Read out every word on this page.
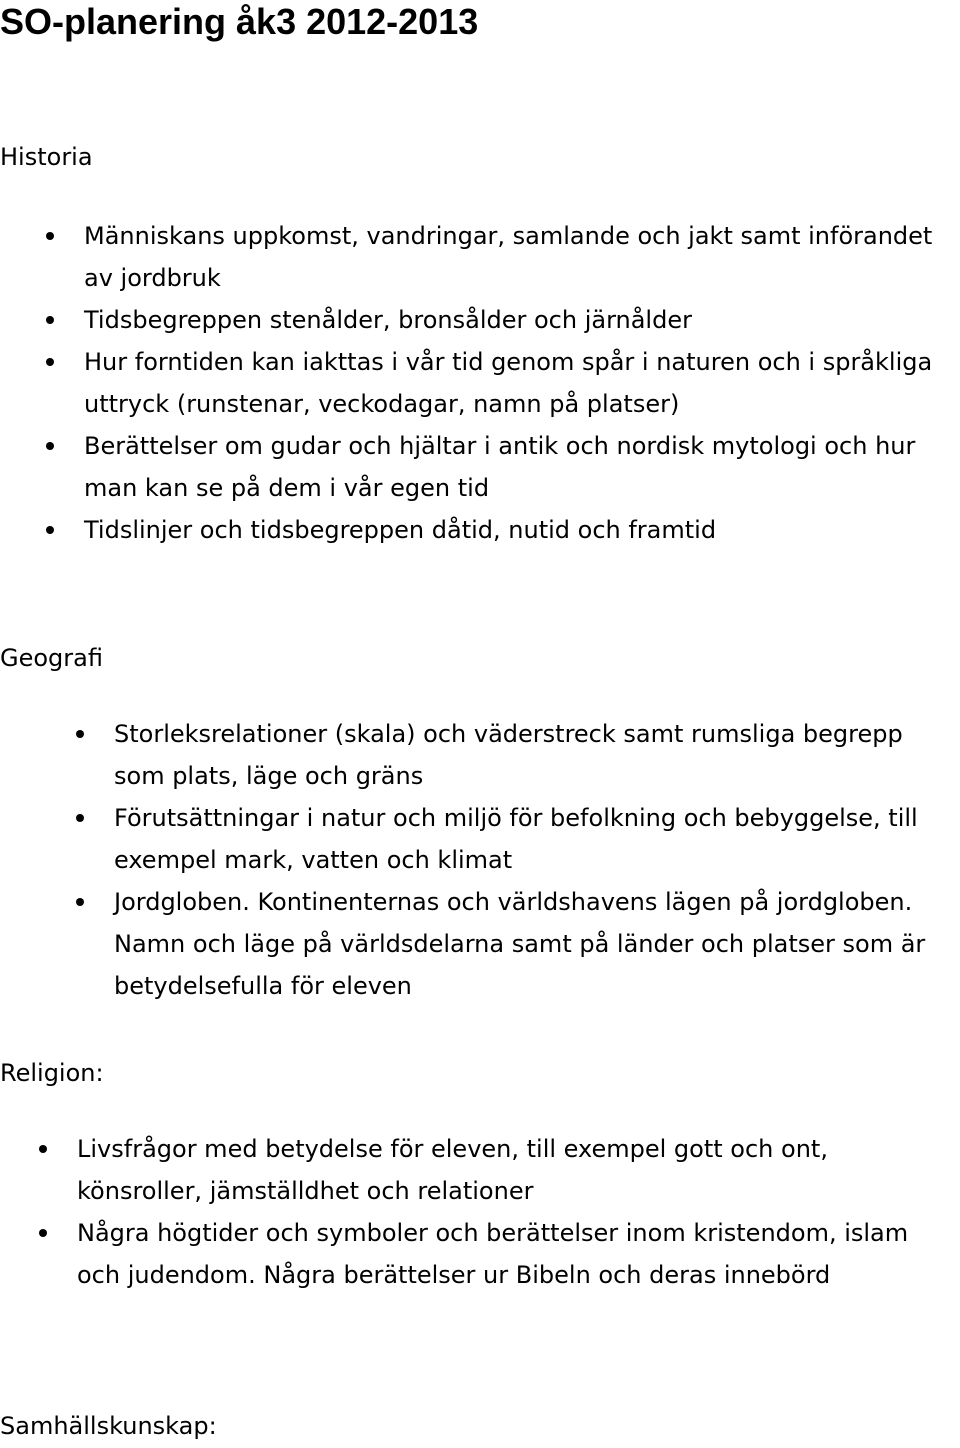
SO-planering åk3 2012-2013
Historia
Människans uppkomst, vandringar, samlande och jakt samt införandet av jordbruk
Tidsbegreppen stenålder, bronsålder och järnålder
Hur forntiden kan iakttas i vår tid genom spår i naturen och i språkliga uttryck (runstenar, veckodagar, namn på platser)
Berättelser om gudar och hjältar i antik och nordisk mytologi och hur man kan se på dem i vår egen tid
Tidslinjer och tidsbegreppen dåtid, nutid och framtid
Geografi
Storleksrelationer (skala) och väderstreck samt rumsliga begrepp som plats, läge och gräns
Förutsättningar i natur och miljö för befolkning och bebyggelse, till exempel mark, vatten och klimat
Jordgloben. Kontinenternas och världshavens lägen på jordgloben. Namn och läge på världsdelarna samt på länder och platser som är betydelsefulla för eleven
Religion:
Livsfrågor med betydelse för eleven, till exempel gott och ont, könsroller, jämställdhet och relationer
Några högtider och symboler och berättelser inom kristendom, islam och judendom. Några berättelser ur Bibeln och deras innebörd
Samhällskunskap:
